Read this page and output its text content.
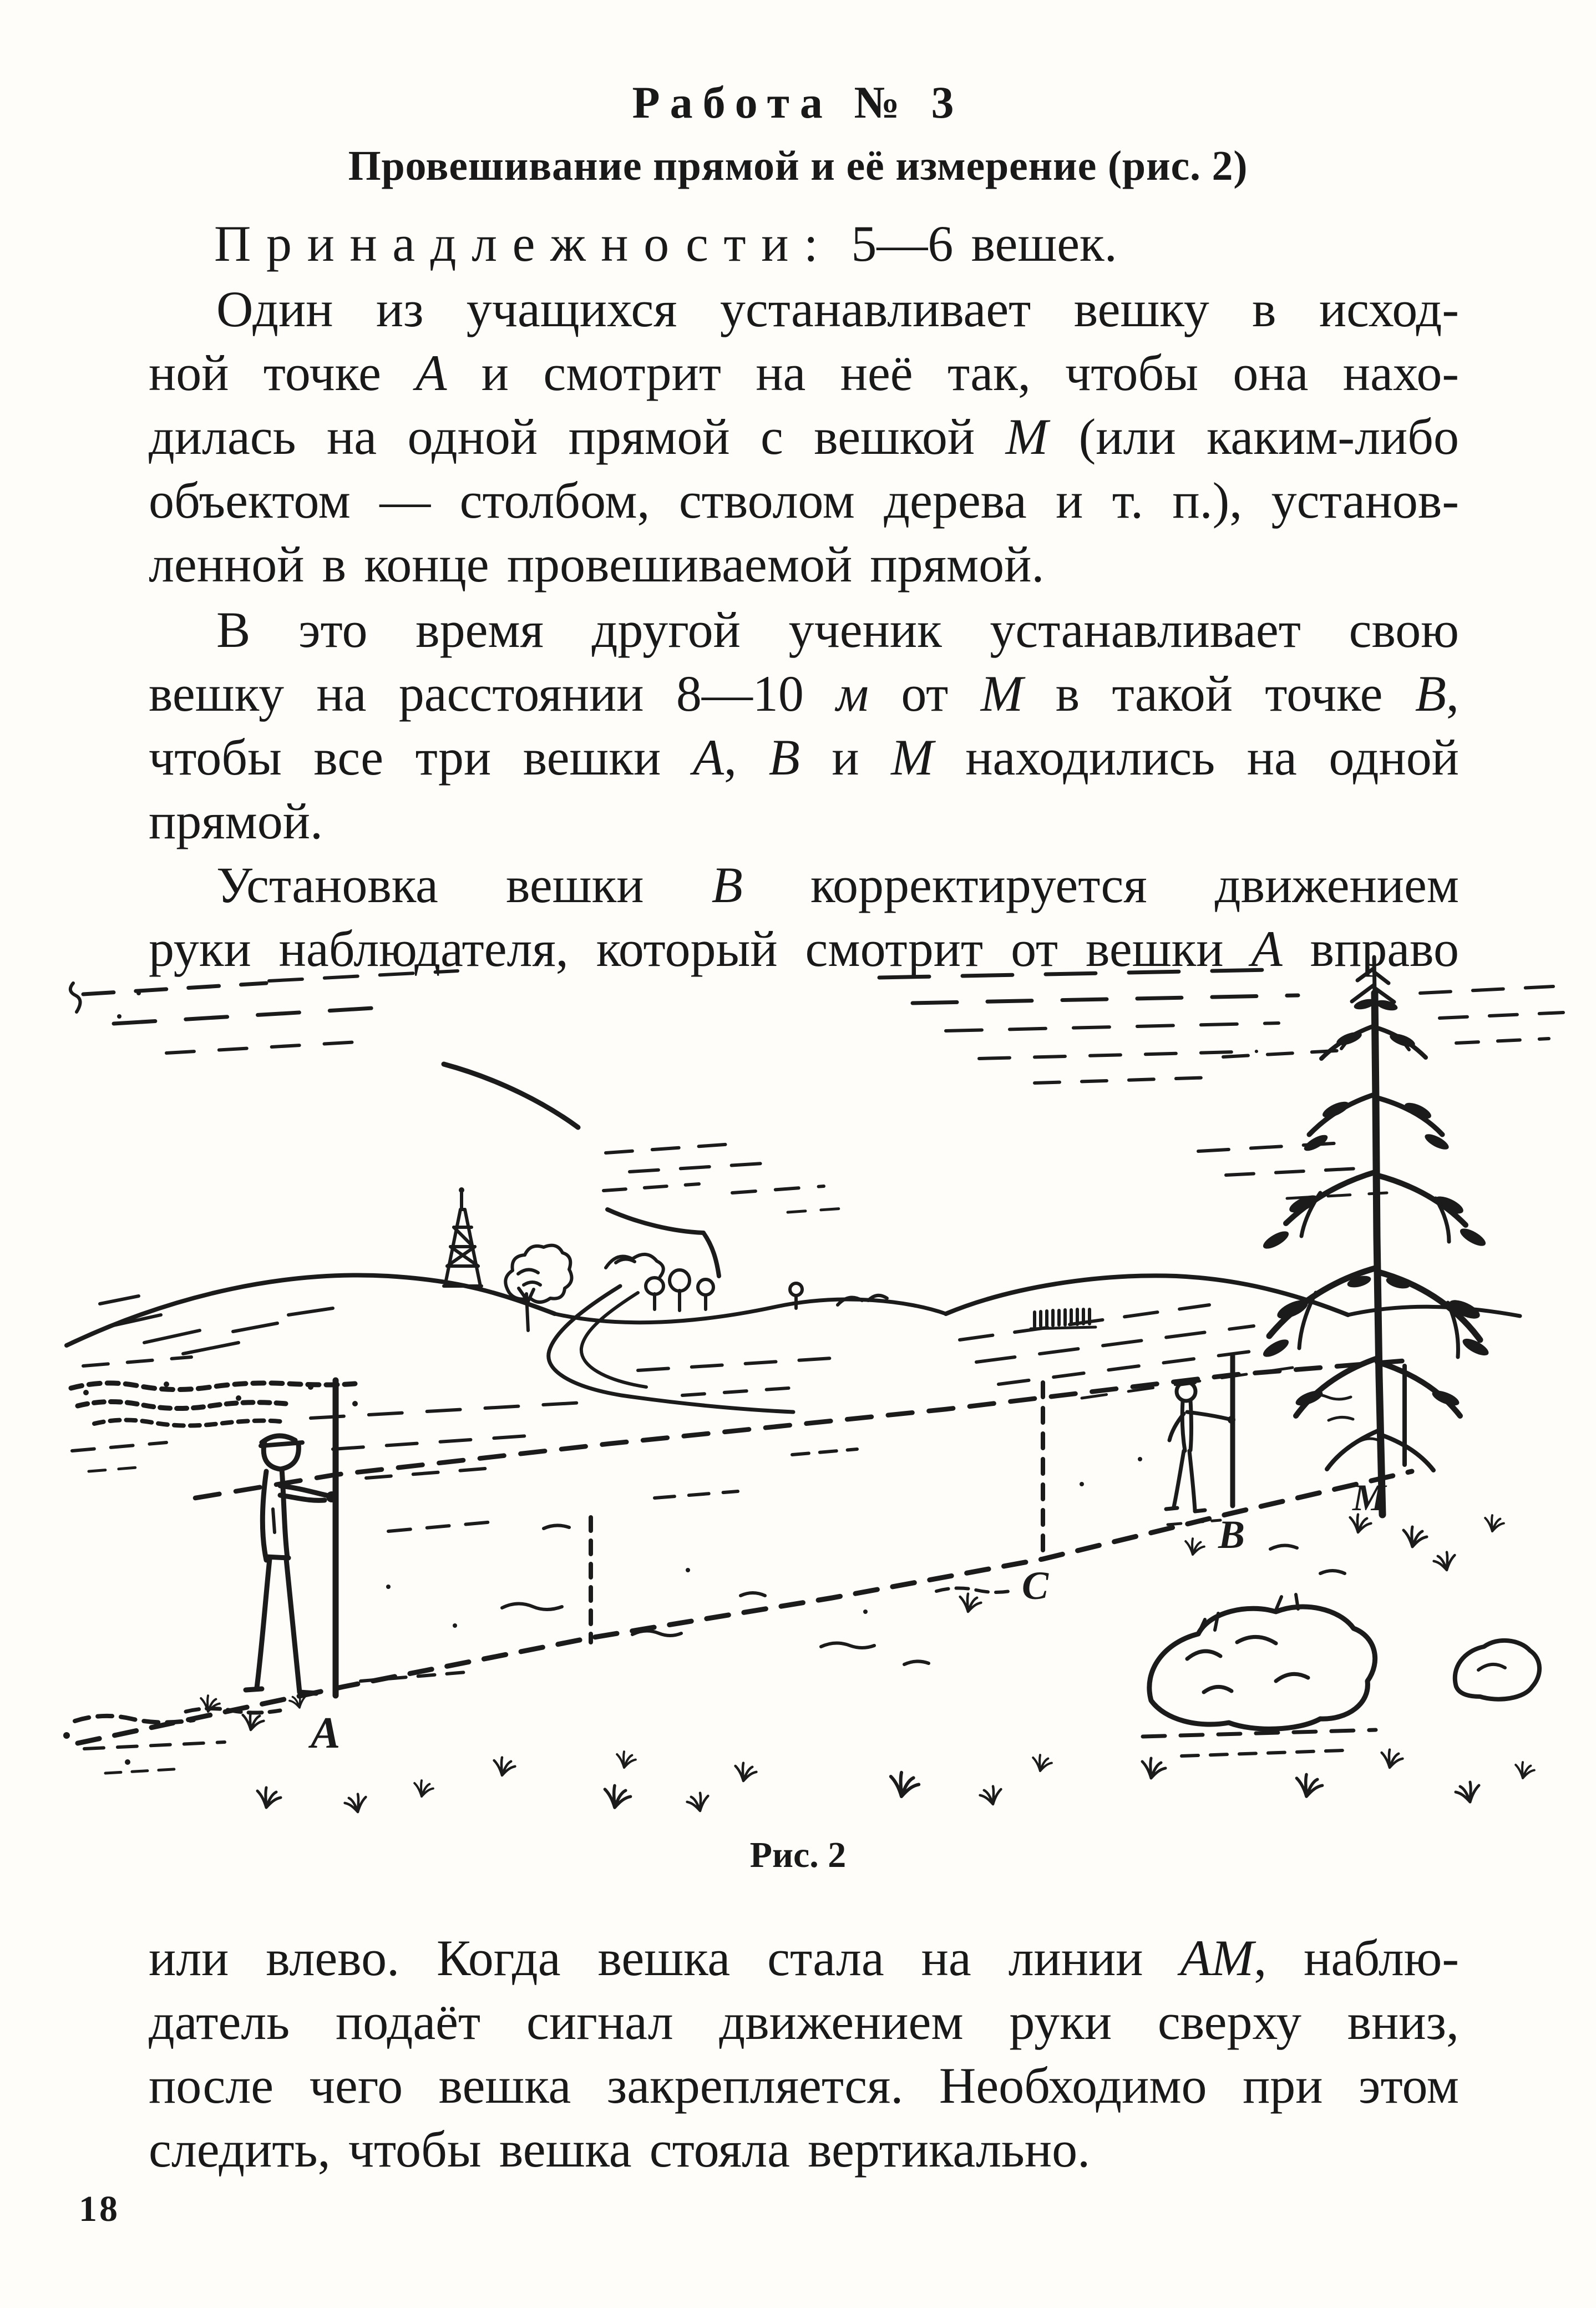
Работа № 3
Провешивание прямой и её измерение (рис. 2)
Принадлежности: 5—6 вешек.
Один из учащихся устанавливает вешку в исход-
ной точке А и смотрит на неё так, чтобы она нахо-
дилась на одной прямой с вешкой М (или каким-либо
объектом — столбом, стволом дерева и т. п.), установ-
ленной в конце провешиваемой прямой.
В это время другой ученик устанавливает свою
вешку на расстоянии 8—10 м от М в такой точке В,
чтобы все три вешки А, В и М находились на одной
прямой.
Установка вешки В корректируется движением
руки наблюдателя, который смотрит от вешки А вправо
А
С
В
М
Рис. 2
или влево. Когда вешка стала на линии АМ, наблю-
датель подаёт сигнал движением руки сверху вниз,
после чего вешка закрепляется. Необходимо при этом
следить, чтобы вешка стояла вертикально.
18
